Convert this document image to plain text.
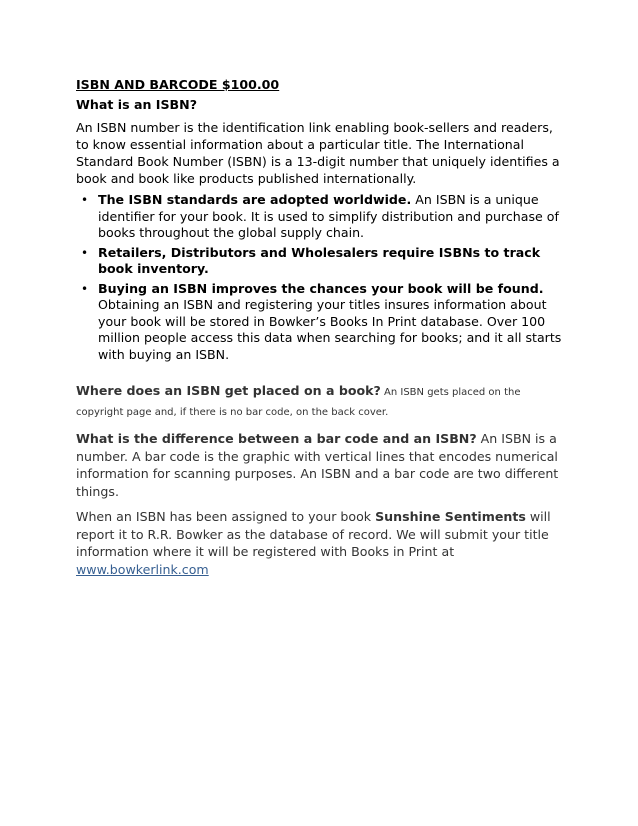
ISBN AND BARCODE $100.00

What is an ISBN?

An ISBN number is the identification link enabling book-sellers and readers, to know essential information about a particular title. The International Standard Book Number (ISBN) is a 13-digit number that uniquely identifies a book and book like products published internationally.

• The ISBN standards are adopted worldwide. An ISBN is a unique identifier for your book. It is used to simplify distribution and purchase of books throughout the global supply chain.
• Retailers, Distributors and Wholesalers require ISBNs to track book inventory.
• Buying an ISBN improves the chances your book will be found. Obtaining an ISBN and registering your titles insures information about your book will be stored in Bowker’s Books In Print database. Over 100 million people access this data when searching for books; and it all starts with buying an ISBN.
Where does an ISBN get placed on a book? An ISBN gets placed on the copyright page and, if there is no bar code, on the back cover.
What is the difference between a bar code and an ISBN? An ISBN is a number. A bar code is the graphic with vertical lines that encodes numerical information for scanning purposes. An ISBN and a bar code are two different things.
When an ISBN has been assigned to your book Sunshine Sentiments will report it to R.R. Bowker as the database of record. We will submit your title information where it will be registered with Books in Print at www.bowkerlink.com
